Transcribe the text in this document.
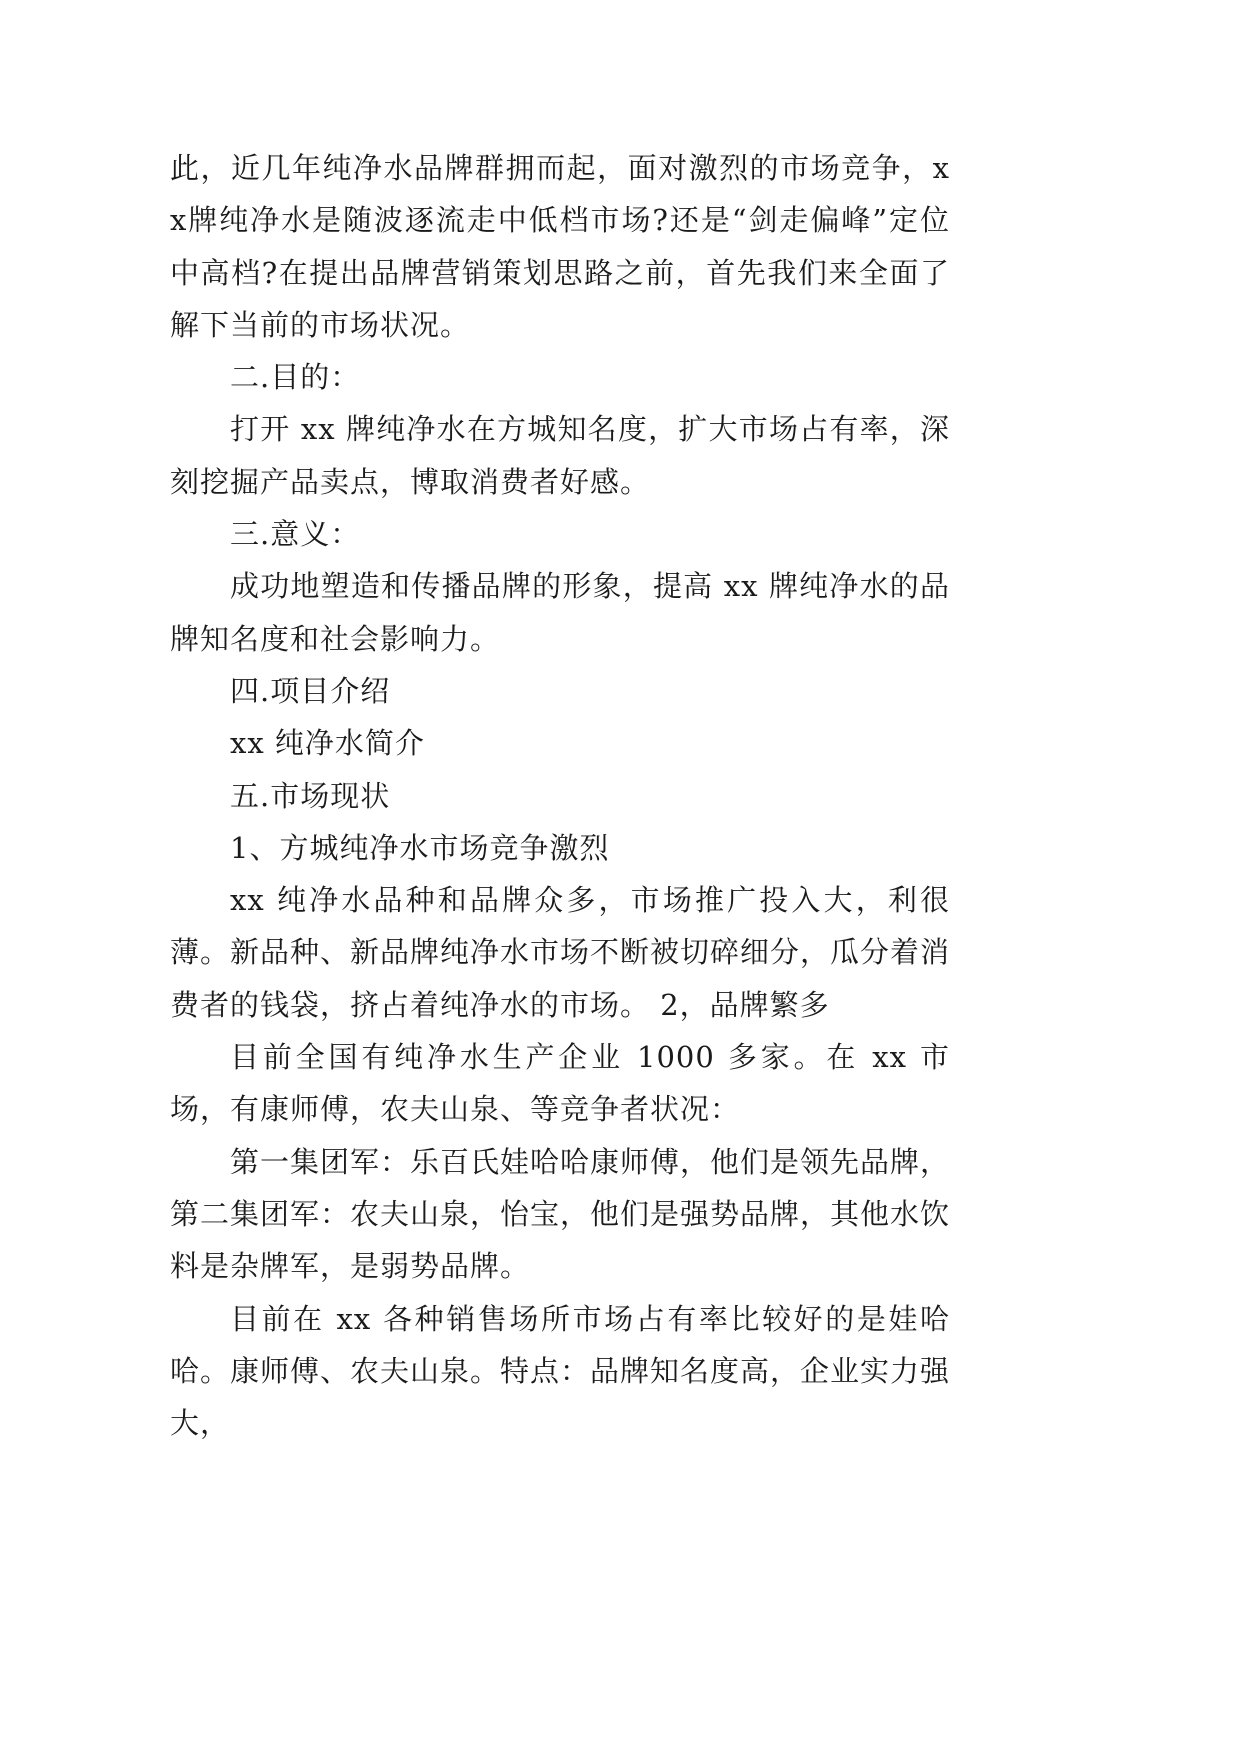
此，近几年纯净水品牌群拥而起，面对激烈的市场竞争，xx牌纯净水是随波逐流走中低档市场?还是“剑走偏峰”定位中高档?在提出品牌营销策划思路之前，首先我们来全面了解下当前的市场状况。

二.目的：

打开 xx 牌纯净水在方城知名度，扩大市场占有率，深刻挖掘产品卖点，博取消费者好感。

三.意义：

成功地塑造和传播品牌的形象，提高 xx 牌纯净水的品牌知名度和社会影响力。

四.项目介绍

xx 纯净水简介

五.市场现状

1、方城纯净水市场竞争激烈

xx 纯净水品种和品牌众多，市场推广投入大，利很薄。新品种、新品牌纯净水市场不断被切碎细分，瓜分着消费者的钱袋，挤占着纯净水的市场。 2，品牌繁多

目前全国有纯净水生产企业 1000 多家。在 xx 市场，有康师傅，农夫山泉、等竞争者状况：

第一集团军：乐百氏娃哈哈康师傅，他们是领先品牌，第二集团军：农夫山泉，怡宝，他们是强势品牌，其他水饮料是杂牌军，是弱势品牌。

目前在 xx 各种销售场所市场占有率比较好的是娃哈哈。康师傅、农夫山泉。特点：品牌知名度高，企业实力强大，
